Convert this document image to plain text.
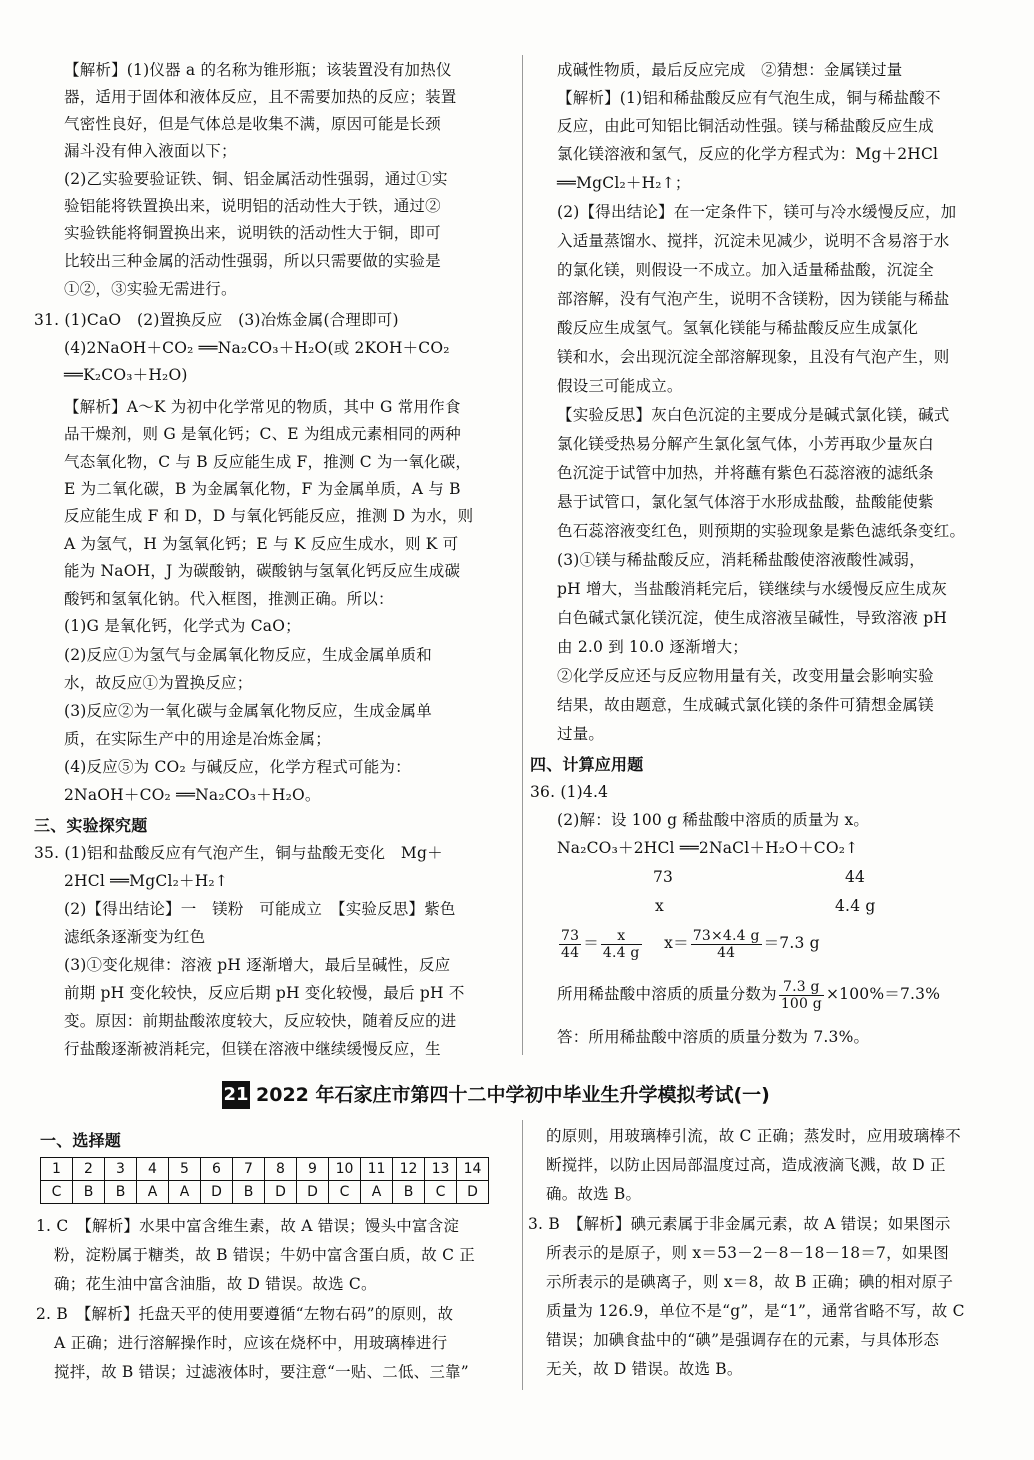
【解析】(1)仪器 a 的名称为锥形瓶；该装置没有加热仪
器，适用于固体和液体反应，且不需要加热的反应；装置
气密性良好，但是气体总是收集不满，原因可能是长颈
漏斗没有伸入液面以下；
(2)乙实验要验证铁、铜、铝金属活动性强弱，通过①实
验铝能将铁置换出来，说明铝的活动性大于铁，通过②
实验铁能将铜置换出来，说明铁的活动性大于铜，即可
比较出三种金属的活动性强弱，所以只需要做的实验是
①②，③实验无需进行。
31. (1)CaO　(2)置换反应　(3)冶炼金属(合理即可)
(4)2NaOH＋CO₂ ══Na₂CO₃＋H₂O(或 2KOH＋CO₂
══K₂CO₃＋H₂O)
【解析】A～K 为初中化学常见的物质，其中 G 常用作食
品干燥剂，则 G 是氧化钙；C、E 为组成元素相同的两种
气态氧化物，C 与 B 反应能生成 F，推测 C 为一氧化碳，
E 为二氧化碳，B 为金属氧化物，F 为金属单质，A 与 B
反应能生成 F 和 D，D 与氧化钙能反应，推测 D 为水，则
A 为氢气，H 为氢氧化钙；E 与 K 反应生成水，则 K 可
能为 NaOH，J 为碳酸钠，碳酸钠与氢氧化钙反应生成碳
酸钙和氢氧化钠。代入框图，推测正确。所以：
(1)G 是氧化钙，化学式为 CaO；
(2)反应①为氢气与金属氧化物反应，生成金属单质和
水，故反应①为置换反应；
(3)反应②为一氧化碳与金属氧化物反应，生成金属单
质，在实际生产中的用途是冶炼金属；
(4)反应⑤为 CO₂ 与碱反应，化学方程式可能为：
2NaOH＋CO₂ ══Na₂CO₃＋H₂O。
三、实验探究题
35. (1)铝和盐酸反应有气泡产生，铜与盐酸无变化　Mg＋
2HCl ══MgCl₂＋H₂↑
(2)【得出结论】一　镁粉　可能成立　【实验反思】紫色
滤纸条逐渐变为红色
(3)①变化规律：溶液 pH 逐渐增大，最后呈碱性，反应
前期 pH 变化较快，反应后期 pH 变化较慢，最后 pH 不
变。原因：前期盐酸浓度较大，反应较快，随着反应的进
行盐酸逐渐被消耗完，但镁在溶液中继续缓慢反应，生
成碱性物质，最后反应完成　②猜想：金属镁过量
【解析】(1)铝和稀盐酸反应有气泡生成，铜与稀盐酸不
反应，由此可知铝比铜活动性强。镁与稀盐酸反应生成
氯化镁溶液和氢气，反应的化学方程式为：Mg＋2HCl
══MgCl₂＋H₂↑；
(2)【得出结论】在一定条件下，镁可与冷水缓慢反应，加
入适量蒸馏水、搅拌，沉淀未见减少，说明不含易溶于水
的氯化镁，则假设一不成立。加入适量稀盐酸，沉淀全
部溶解，没有气泡产生，说明不含镁粉，因为镁能与稀盐
酸反应生成氢气。氢氧化镁能与稀盐酸反应生成氯化
镁和水，会出现沉淀全部溶解现象，且没有气泡产生，则
假设三可能成立。
【实验反思】灰白色沉淀的主要成分是碱式氯化镁，碱式
氯化镁受热易分解产生氯化氢气体，小芳再取少量灰白
色沉淀于试管中加热，并将蘸有紫色石蕊溶液的滤纸条
悬于试管口，氯化氢气体溶于水形成盐酸，盐酸能使紫
色石蕊溶液变红色，则预期的实验现象是紫色滤纸条变红。
(3)①镁与稀盐酸反应，消耗稀盐酸使溶液酸性减弱，
pH 增大，当盐酸消耗完后，镁继续与水缓慢反应生成灰
白色碱式氯化镁沉淀，使生成溶液呈碱性，导致溶液 pH
由 2.0 到 10.0 逐渐增大；
②化学反应还与反应物用量有关，改变用量会影响实验
结果，故由题意，生成碱式氯化镁的条件可猜想金属镁
过量。
四、计算应用题
36. (1)4.4
(2)解：设 100 g 稀盐酸中溶质的质量为 x。
Na₂CO₃＋2HCl ══2NaCl＋H₂O＋CO₂↑
73	44
x	4.4 g
$\frac{73}{44} = \frac{x}{4.4 g} x= \frac{73\times 4.4 g}{44} =7.3$ g
所用稀盐酸中溶质的质量分数为 $\frac{7.3 g}{100 g} \times 100\%=7.3\%$
答：所用稀盐酸中溶质的质量分数为 7.3%。
21 2022 年石家庄市第四十二中学初中毕业生升学模拟考试(一)
一、选择题
1	2	3	4	5	6	7	8	9	10	11	12	13	14
C	B	B	A	A	D	B	D	D	C	A	B	C	D
1. C　【解析】水果中富含维生素，故 A 错误；馒头中富含淀
粉，淀粉属于糖类，故 B 错误；牛奶中富含蛋白质，故 C 正
确；花生油中富含油脂，故 D 错误。故选 C。
2. B　【解析】托盘天平的使用要遵循“左物右码”的原则，故
A 正确；进行溶解操作时，应该在烧杯中，用玻璃棒进行
搅拌，故 B 错误；过滤液体时，要注意“一贴、二低、三靠”
的原则，用玻璃棒引流，故 C 正确；蒸发时，应用玻璃棒不
断搅拌，以防止因局部温度过高，造成液滴飞溅，故 D 正
确。故选 B。
3. B　【解析】碘元素属于非金属元素，故 A 错误；如果图示
所表示的是原子，则 x＝53－2－8－18－18＝7，如果图
示所表示的是碘离子，则 x＝8，故 B 正确；碘的相对原子
质量为 126.9，单位不是“g”，是“1”，通常省略不写，故 C
错误；加碘食盐中的“碘”是强调存在的元素，与具体形态
无关，故 D 错误。故选 B。
